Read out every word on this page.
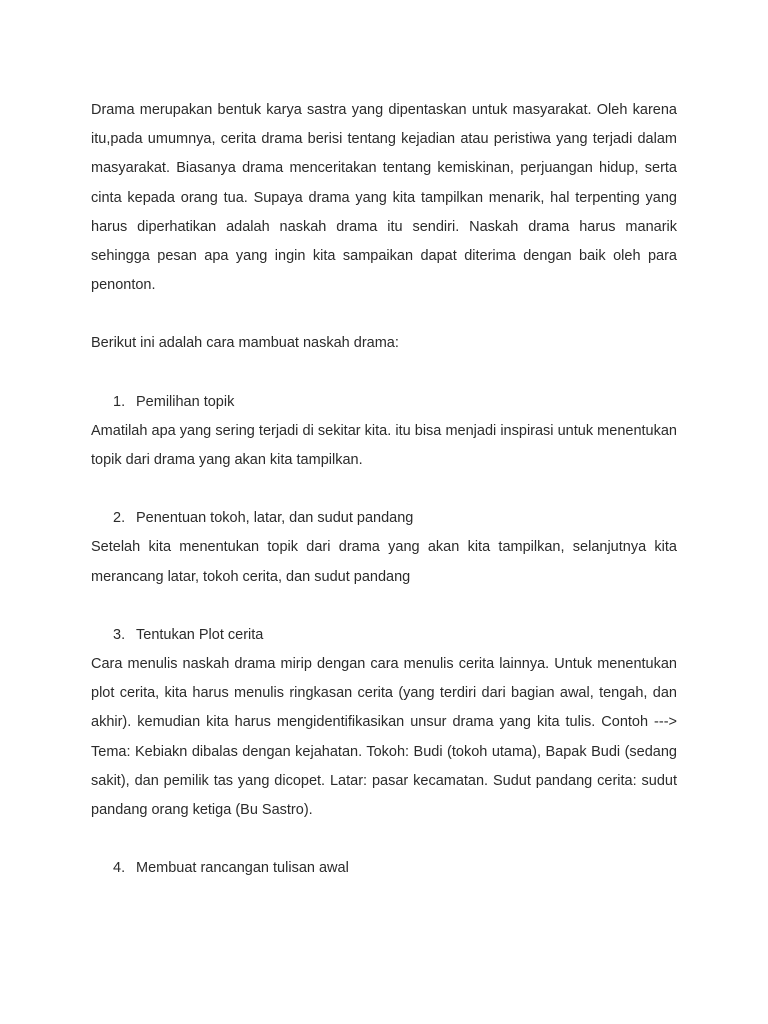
Drama merupakan bentuk karya sastra yang dipentaskan untuk masyarakat. Oleh karena itu,pada umumnya, cerita drama berisi tentang kejadian atau peristiwa yang terjadi dalam masyarakat. Biasanya drama menceritakan tentang kemiskinan, perjuangan hidup, serta cinta kepada orang tua. Supaya drama yang kita tampilkan menarik, hal terpenting yang harus diperhatikan adalah naskah drama itu sendiri. Naskah drama harus manarik sehingga pesan apa yang ingin kita sampaikan dapat diterima dengan baik oleh para penonton.

Berikut ini adalah cara mambuat naskah drama:

1. Pemilihan topik

Amatilah apa yang sering terjadi di sekitar kita. itu bisa menjadi inspirasi untuk menentukan topik dari drama yang akan kita tampilkan.

2. Penentuan tokoh, latar, dan sudut pandang

Setelah kita menentukan topik dari drama yang akan kita tampilkan, selanjutnya kita merancang latar, tokoh cerita, dan sudut pandang

3. Tentukan Plot cerita

Cara menulis naskah drama mirip dengan cara menulis cerita lainnya. Untuk menentukan plot cerita, kita harus menulis ringkasan cerita (yang terdiri dari bagian awal, tengah, dan akhir). kemudian kita harus mengidentifikasikan unsur drama yang kita tulis. Contoh ---> Tema: Kebiakn dibalas dengan kejahatan. Tokoh: Budi (tokoh utama), Bapak Budi (sedang sakit), dan pemilik tas yang dicopet. Latar: pasar kecamatan. Sudut pandang cerita: sudut pandang orang ketiga (Bu Sastro).

4. Membuat rancangan tulisan awal
